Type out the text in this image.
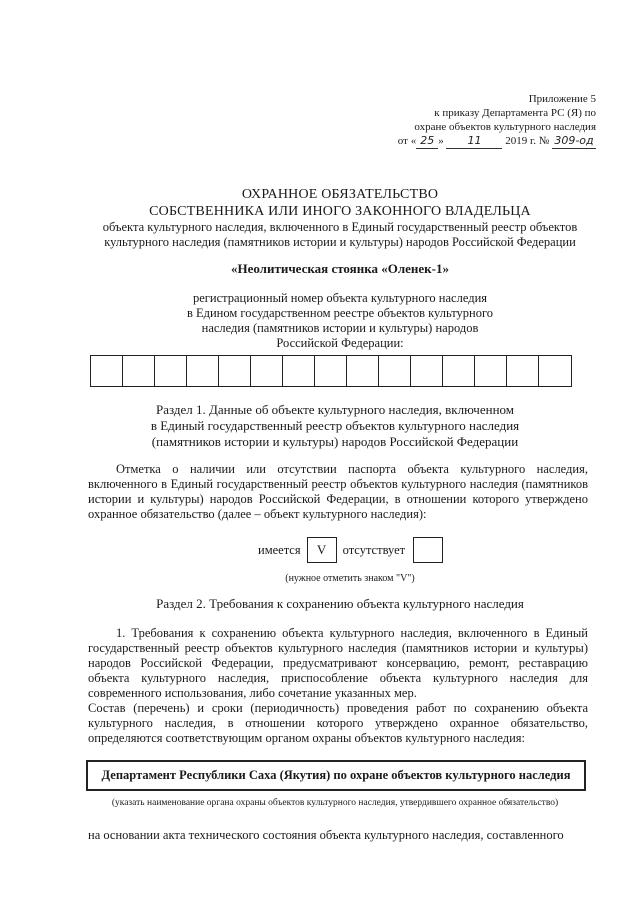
Приложение 5
к приказу Департамента РС (Я) по
охране объектов культурного наследия
от « 25 » 11 2019 г. № 309-од
ОХРАННОЕ ОБЯЗАТЕЛЬСТВО
СОБСТВЕННИКА ИЛИ ИНОГО ЗАКОННОГО ВЛАДЕЛЬЦА
объекта культурного наследия, включенного в Единый государственный реестр объектов
культурного наследия (памятников истории и культуры) народов Российской Федерации
«Неолитическая стоянка «Оленек-1»
регистрационный номер объекта культурного наследия
в Едином государственном реестре объектов культурного
наследия (памятников истории и культуры) народов
Российской Федерации:
Раздел 1. Данные об объекте культурного наследия, включенном
в Единый государственный реестр объектов культурного наследия
(памятников истории и культуры) народов Российской Федерации

Отметка о наличии или отсутствии паспорта объекта культурного наследия, включенного в Единый государственный реестр объектов культурного наследия (памятников истории и культуры) народов Российской Федерации, в отношении которого утверждено охранное обязательство (далее – объект культурного наследия):

имеется	V	отсутствует
(нужное отметить знаком "V")
Раздел 2. Требования к сохранению объекта культурного наследия

1. Требования к сохранению объекта культурного наследия, включенного в Единый государственный реестр объектов культурного наследия (памятников истории и культуры) народов Российской Федерации, предусматривают консервацию, ремонт, реставрацию объекта культурного наследия, приспособление объекта культурного наследия для современного использования, либо сочетание указанных мер.

Состав (перечень) и сроки (периодичность) проведения работ по сохранению объекта культурного наследия, в отношении которого утверждено охранное обязательство, определяются соответствующим органом охраны объектов культурного наследия:

Департамент Республики Саха (Якутия) по охране объектов культурного наследия
(указать наименование органа охраны объектов культурного наследия, утвердившего охранное обязательство)
на основании акта технического состояния объекта культурного наследия, составленного
